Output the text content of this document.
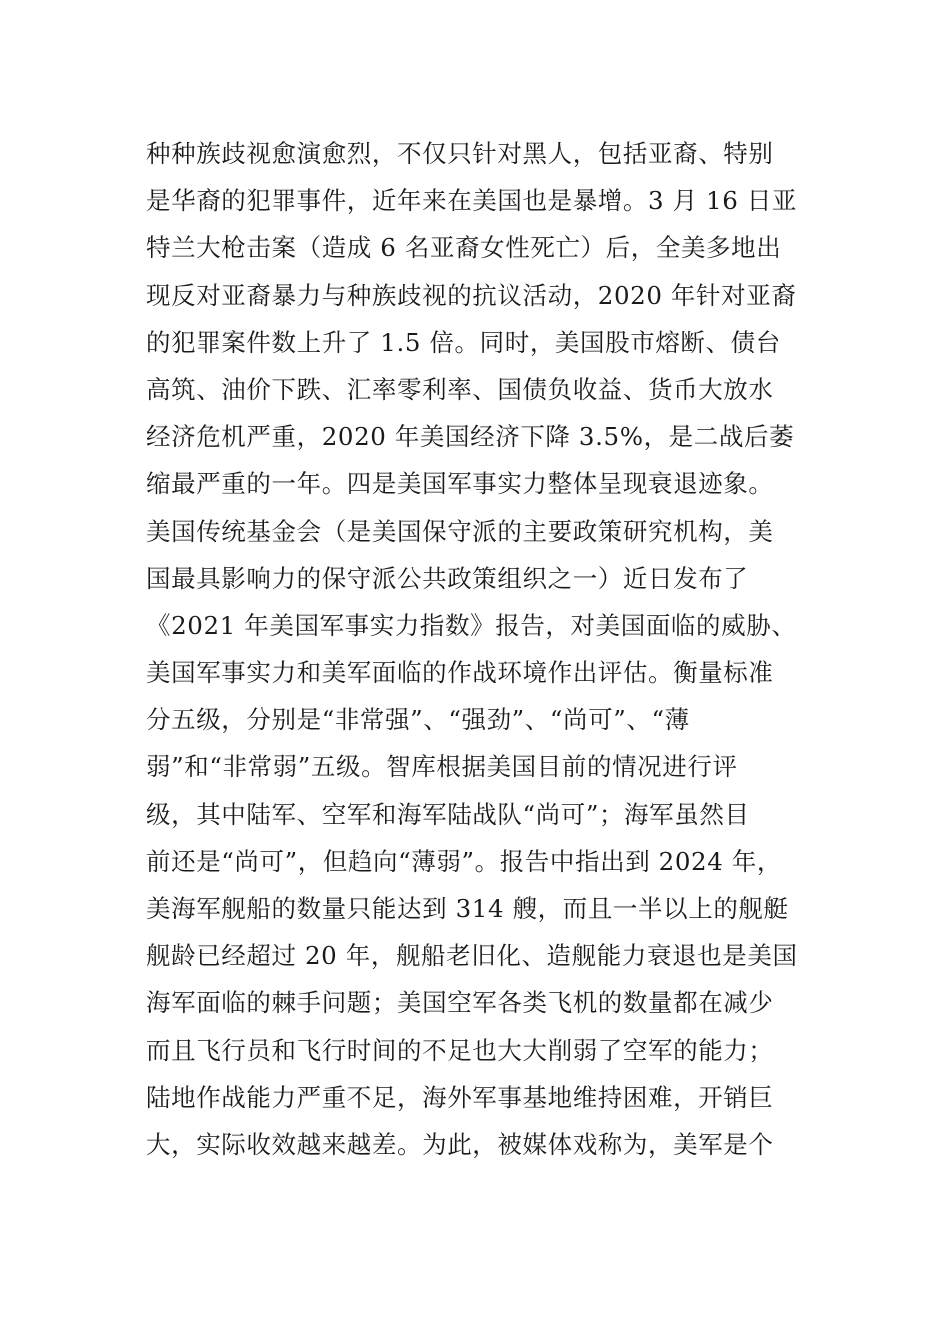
种种族歧视愈演愈烈，不仅只针对黑人，包括亚裔、特别
是华裔的犯罪事件，近年来在美国也是暴增。3 月 16 日亚
特兰大枪击案（造成 6 名亚裔女性死亡）后，全美多地出
现反对亚裔暴力与种族歧视的抗议活动，2020 年针对亚裔
的犯罪案件数上升了 1.5 倍。同时，美国股市熔断、债台
高筑、油价下跌、汇率零利率、国债负收益、货币大放水
经济危机严重，2020 年美国经济下降 3.5%，是二战后萎
缩最严重的一年。四是美国军事实力整体呈现衰退迹象。
美国传统基金会（是美国保守派的主要政策研究机构，美
国最具影响力的保守派公共政策组织之一）近日发布了
《2021 年美国军事实力指数》报告，对美国面临的威胁、
美国军事实力和美军面临的作战环境作出评估。衡量标准
分五级，分别是“非常强”、“强劲”、“尚可”、“薄
弱”和“非常弱”五级。智库根据美国目前的情况进行评
级，其中陆军、空军和海军陆战队“尚可”；海军虽然目
前还是“尚可”，但趋向“薄弱”。报告中指出到 2024 年，
美海军舰船的数量只能达到 314 艘，而且一半以上的舰艇
舰龄已经超过 20 年，舰船老旧化、造舰能力衰退也是美国
海军面临的棘手问题；美国空军各类飞机的数量都在减少
而且飞行员和飞行时间的不足也大大削弱了空军的能力；
陆地作战能力严重不足，海外军事基地维持困难，开销巨
大，实际收效越来越差。为此，被媒体戏称为，美军是个
